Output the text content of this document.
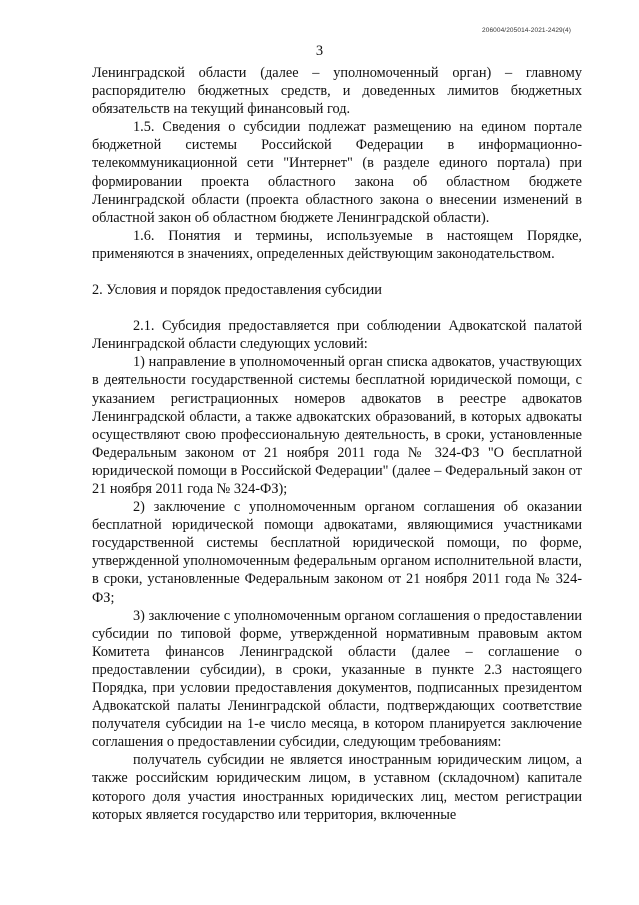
206004/205014-2021-2429(4)
3

Ленинградской области (далее – уполномоченный орган) – главному распорядителю бюджетных средств, и доведенных лимитов бюджетных обязательств на текущий финансовый год.

1.5. Сведения о субсидии подлежат размещению на едином портале бюджетной системы Российской Федерации в информационно-телекоммуникационной сети "Интернет" (в разделе единого портала) при формировании проекта областного закона об областном бюджете Ленинградской области (проекта областного закона о внесении изменений в областной закон об областном бюджете Ленинградской области).

1.6. Понятия и термины, используемые в настоящем Порядке, применяются в значениях, определенных действующим законодательством.

2. Условия и порядок предоставления субсидии

2.1. Субсидия предоставляется при соблюдении Адвокатской палатой Ленинградской области следующих условий:

1) направление в уполномоченный орган списка адвокатов, участвующих в деятельности государственной системы бесплатной юридической помощи, с указанием регистрационных номеров адвокатов в реестре адвокатов Ленинградской области, а также адвокатских образований, в которых адвокаты осуществляют свою профессиональную деятельность, в сроки, установленные Федеральным законом от 21 ноября 2011 года № 324-ФЗ "О бесплатной юридической помощи в Российской Федерации" (далее – Федеральный закон от 21 ноября 2011 года № 324-ФЗ);

2) заключение с уполномоченным органом соглашения об оказании бесплатной юридической помощи адвокатами, являющимися участниками государственной системы бесплатной юридической помощи, по форме, утвержденной уполномоченным федеральным органом исполнительной власти, в сроки, установленные Федеральным законом от 21 ноября 2011 года № 324-ФЗ;

3) заключение с уполномоченным органом соглашения о предоставлении субсидии по типовой форме, утвержденной нормативным правовым актом Комитета финансов Ленинградской области (далее – соглашение о предоставлении субсидии), в сроки, указанные в пункте 2.3 настоящего Порядка, при условии предоставления документов, подписанных президентом Адвокатской палаты Ленинградской области, подтверждающих соответствие получателя субсидии на 1-е число месяца, в котором планируется заключение соглашения о предоставлении субсидии, следующим требованиям:

получатель субсидии не является иностранным юридическим лицом, а также российским юридическим лицом, в уставном (складочном) капитале которого доля участия иностранных юридических лиц, местом регистрации которых является государство или территория, включенные
